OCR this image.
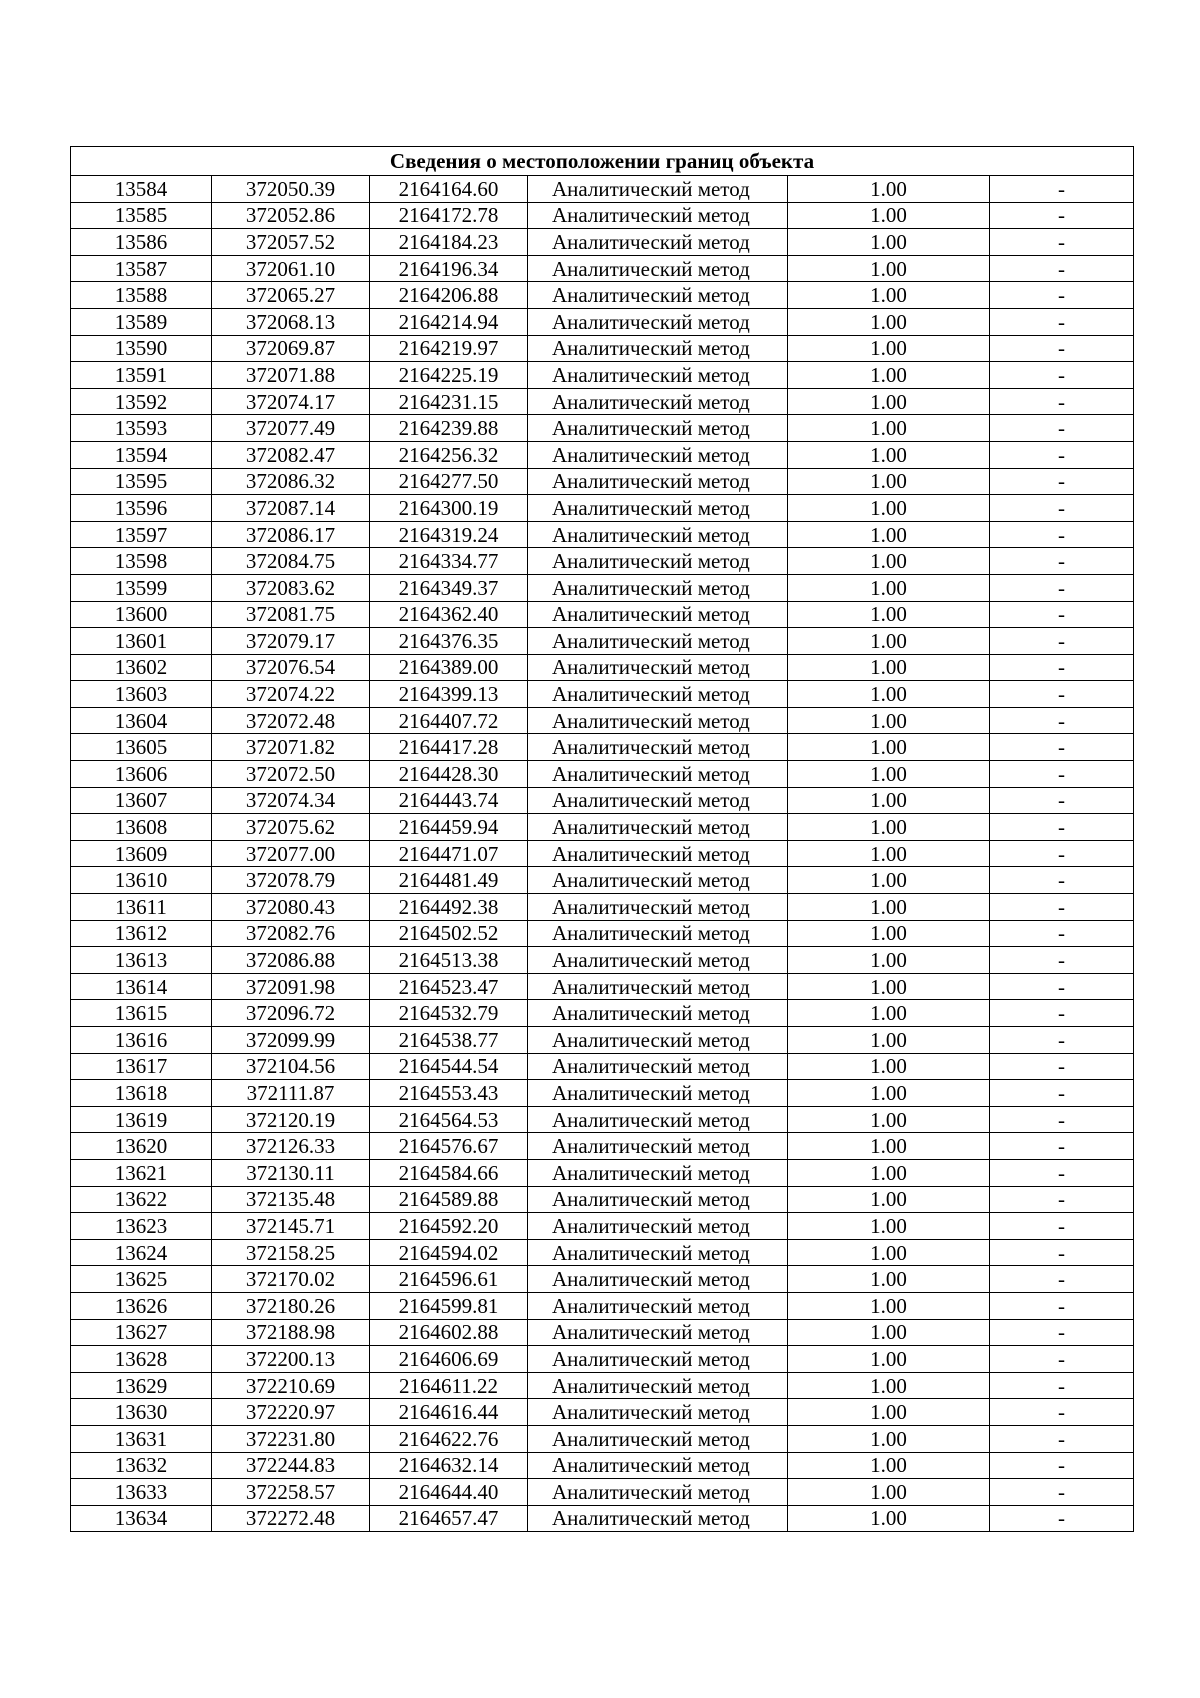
Сведения о местоположении границ объекта					
13584	372050.39	2164164.60	Аналитический метод	1.00	-
13585	372052.86	2164172.78	Аналитический метод	1.00	-
13586	372057.52	2164184.23	Аналитический метод	1.00	-
13587	372061.10	2164196.34	Аналитический метод	1.00	-
13588	372065.27	2164206.88	Аналитический метод	1.00	-
13589	372068.13	2164214.94	Аналитический метод	1.00	-
13590	372069.87	2164219.97	Аналитический метод	1.00	-
13591	372071.88	2164225.19	Аналитический метод	1.00	-
13592	372074.17	2164231.15	Аналитический метод	1.00	-
13593	372077.49	2164239.88	Аналитический метод	1.00	-
13594	372082.47	2164256.32	Аналитический метод	1.00	-
13595	372086.32	2164277.50	Аналитический метод	1.00	-
13596	372087.14	2164300.19	Аналитический метод	1.00	-
13597	372086.17	2164319.24	Аналитический метод	1.00	-
13598	372084.75	2164334.77	Аналитический метод	1.00	-
13599	372083.62	2164349.37	Аналитический метод	1.00	-
13600	372081.75	2164362.40	Аналитический метод	1.00	-
13601	372079.17	2164376.35	Аналитический метод	1.00	-
13602	372076.54	2164389.00	Аналитический метод	1.00	-
13603	372074.22	2164399.13	Аналитический метод	1.00	-
13604	372072.48	2164407.72	Аналитический метод	1.00	-
13605	372071.82	2164417.28	Аналитический метод	1.00	-
13606	372072.50	2164428.30	Аналитический метод	1.00	-
13607	372074.34	2164443.74	Аналитический метод	1.00	-
13608	372075.62	2164459.94	Аналитический метод	1.00	-
13609	372077.00	2164471.07	Аналитический метод	1.00	-
13610	372078.79	2164481.49	Аналитический метод	1.00	-
13611	372080.43	2164492.38	Аналитический метод	1.00	-
13612	372082.76	2164502.52	Аналитический метод	1.00	-
13613	372086.88	2164513.38	Аналитический метод	1.00	-
13614	372091.98	2164523.47	Аналитический метод	1.00	-
13615	372096.72	2164532.79	Аналитический метод	1.00	-
13616	372099.99	2164538.77	Аналитический метод	1.00	-
13617	372104.56	2164544.54	Аналитический метод	1.00	-
13618	372111.87	2164553.43	Аналитический метод	1.00	-
13619	372120.19	2164564.53	Аналитический метод	1.00	-
13620	372126.33	2164576.67	Аналитический метод	1.00	-
13621	372130.11	2164584.66	Аналитический метод	1.00	-
13622	372135.48	2164589.88	Аналитический метод	1.00	-
13623	372145.71	2164592.20	Аналитический метод	1.00	-
13624	372158.25	2164594.02	Аналитический метод	1.00	-
13625	372170.02	2164596.61	Аналитический метод	1.00	-
13626	372180.26	2164599.81	Аналитический метод	1.00	-
13627	372188.98	2164602.88	Аналитический метод	1.00	-
13628	372200.13	2164606.69	Аналитический метод	1.00	-
13629	372210.69	2164611.22	Аналитический метод	1.00	-
13630	372220.97	2164616.44	Аналитический метод	1.00	-
13631	372231.80	2164622.76	Аналитический метод	1.00	-
13632	372244.83	2164632.14	Аналитический метод	1.00	-
13633	372258.57	2164644.40	Аналитический метод	1.00	-
13634	372272.48	2164657.47	Аналитический метод	1.00	-
